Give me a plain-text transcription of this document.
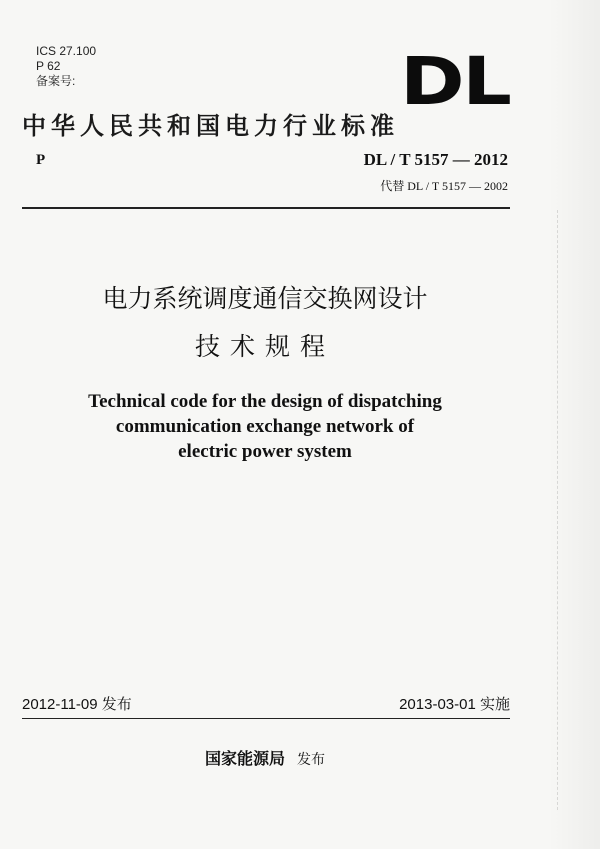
ICS 27.100
P 62
备案号:	DL
中华人民共和国电力行业标准
P	DL / T 5157 — 2012
代替 DL / T 5157 — 2002
电力系统调度通信交换网设计
技术规程
Technical code for the design of dispatching
communication exchange network of
electric power system
2012-11-09 发布	2013-03-01 实施
国家能源局 发布
